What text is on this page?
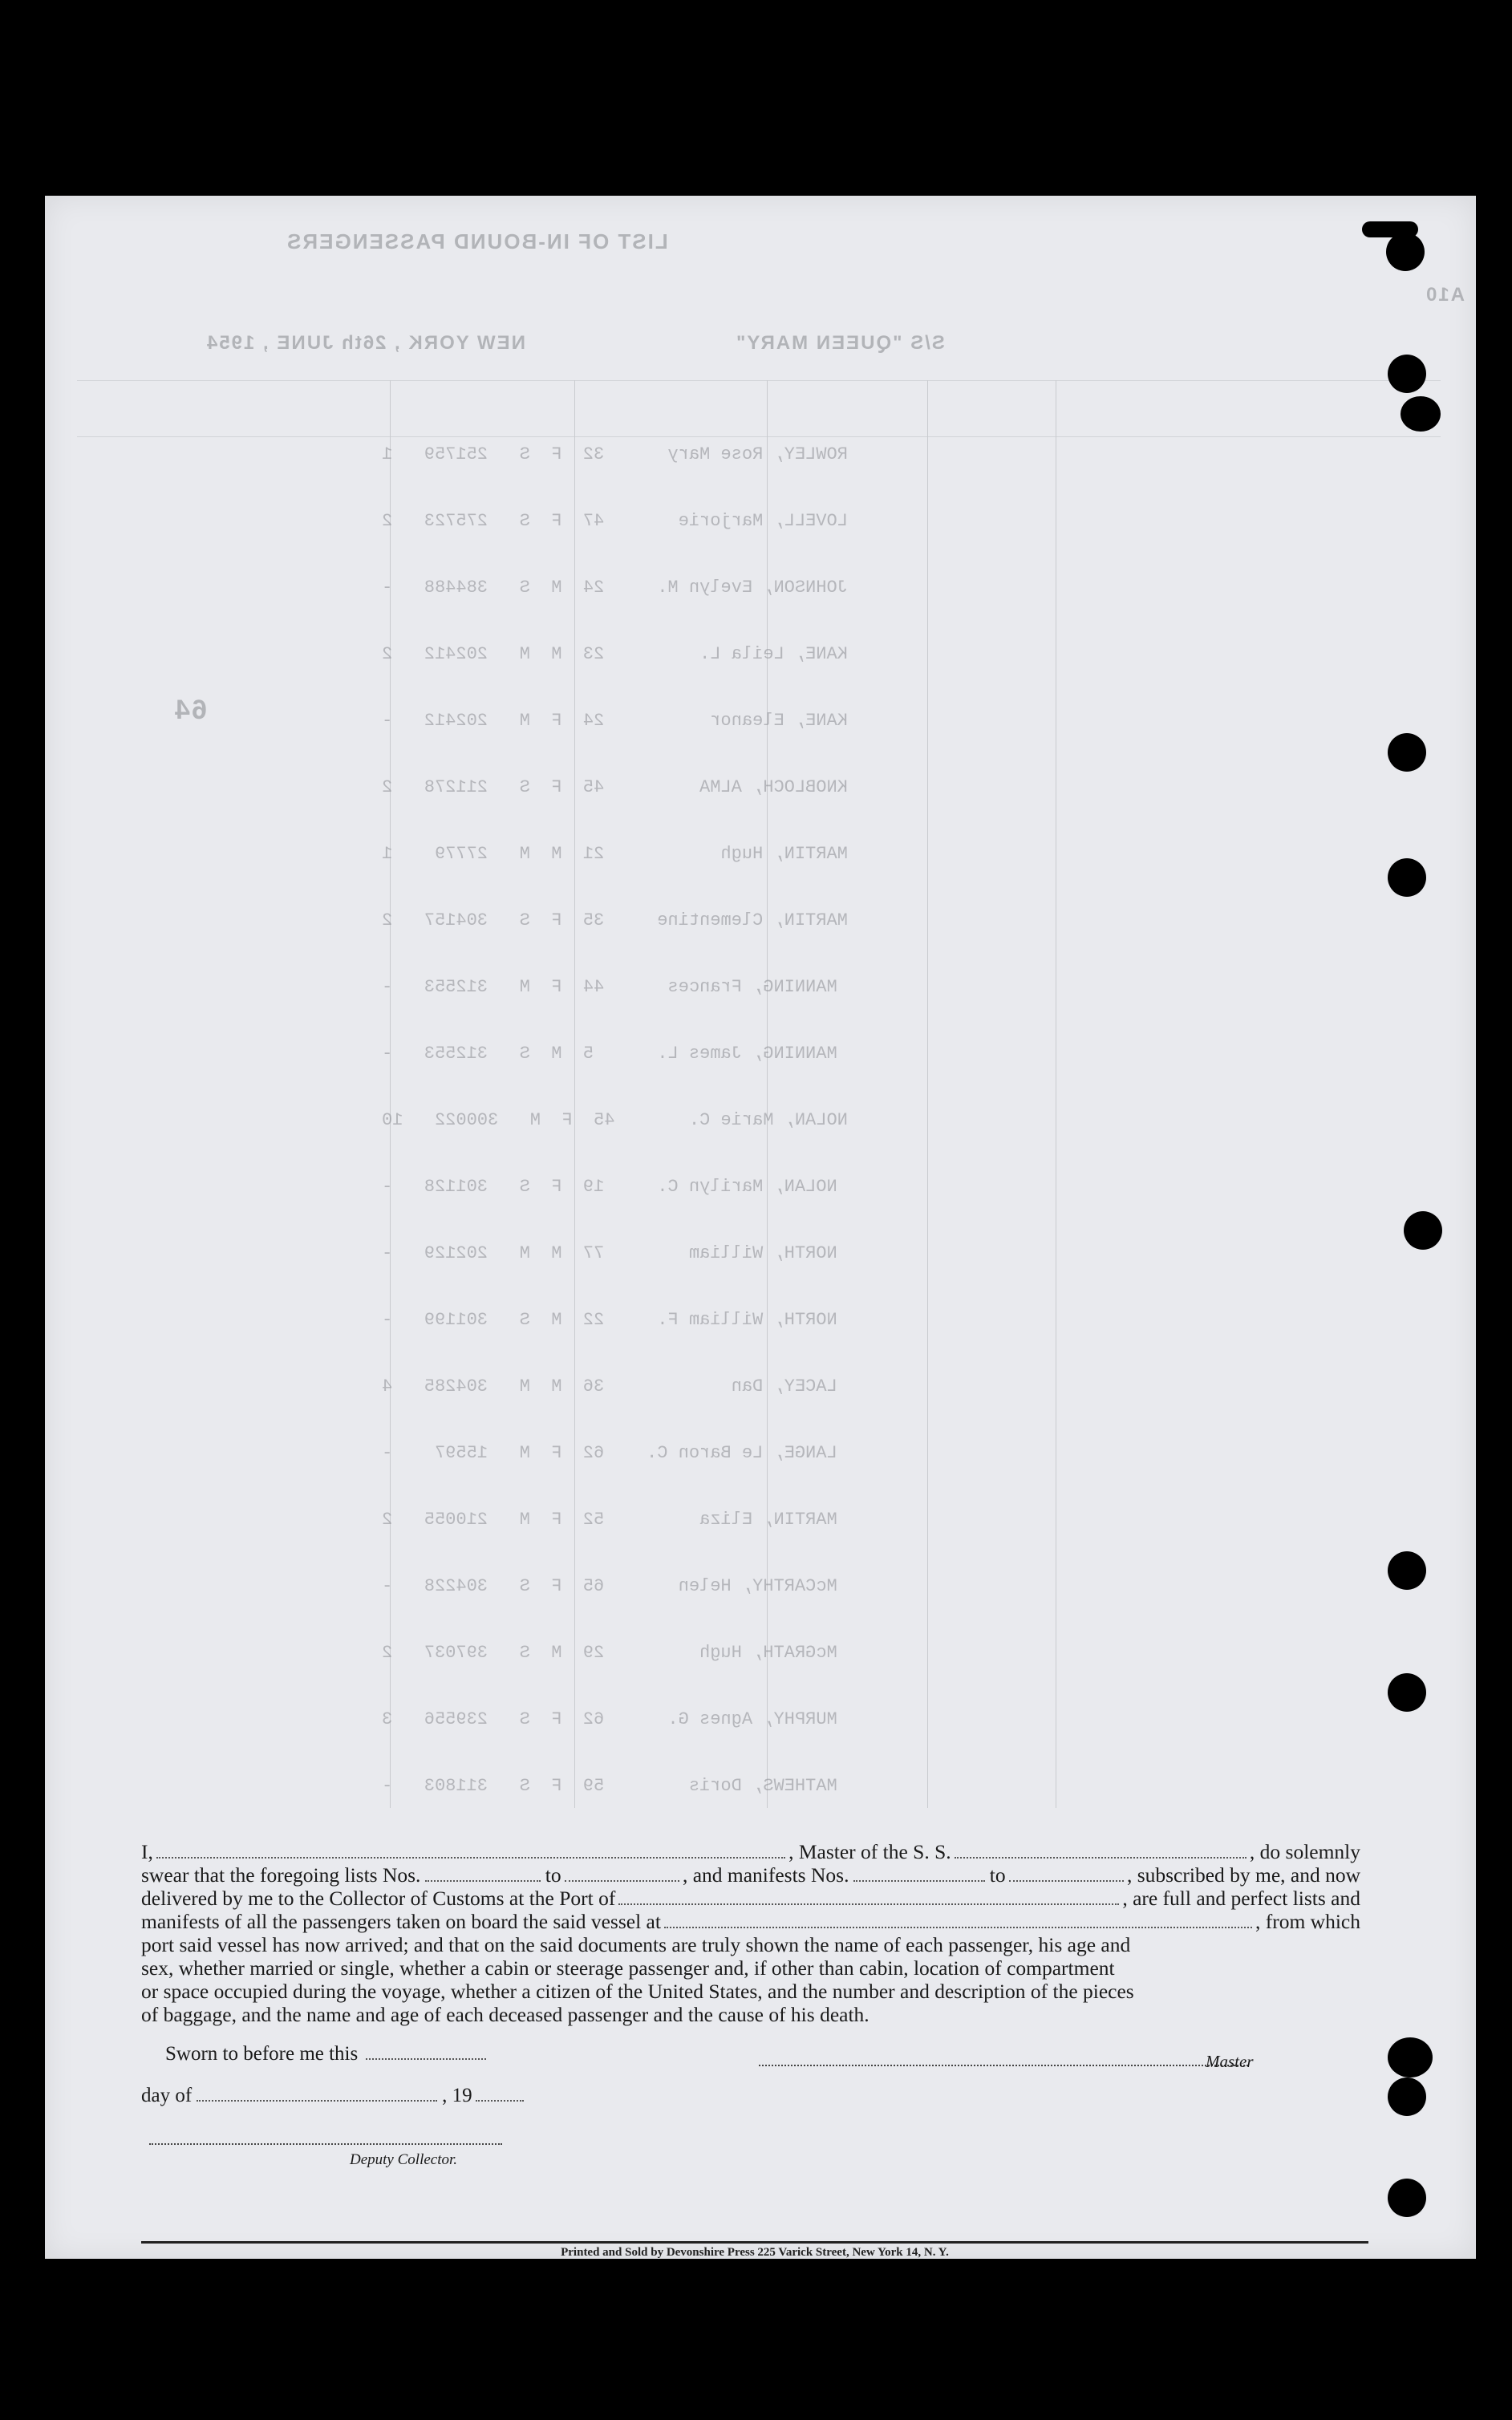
LIST OF IN-BOUND PASSENGERS
S/S "QUEEN MARY"
NEW YORK , 26th JUNE , 1954
A10
64
ROWLEY, Rose Mary      32  F  S   251759   1
LOVELL, Marjorie       47  F  S   275723   2
JOHNSON, Evelyn M.     24  M  S   384488   -
KANE, Leila L.         23  M  M   202412   2
KANE, Eleanor          24  F  M   202412   -
KNOBLOCH, ALMA         45  F  S   211278   2
MARTIN, Hugh           21  M  M   27779    1
MARTIN, Clementine     35  F  S   304157   2
MANNING, Frances      44  F  M   312553   -
MANNING, James L.      5  M  S   312553   -
NOLAN, Marie C.       45  F  M   300022   10
NOLAN, Marilyn C.     19  F  S   301128   -
NORTH, William        77  M  M   202129   -
NORTH, William F.     22  M  S   301199   -
LACEY, Dan            36  M  M   304285   4
LANGE, Le Baron C.    62  F  M   15597    -
MARTIN, Eliza         52  F  M   210055   2
McCARTHY, Helen       65  F  S   304228   -
McGRATH, Hugh         29  M  S   397037   2
MURPHY, Agnes G.      62  F  S   239556   3
MATHEWS, Doris        59  F  S   311803   -

I,	, Master of the S. S.	, do solemnly

swear that the foregoing lists Nos.	to	, and manifests Nos.	to	, subscribed by me, and now

delivered by me to the Collector of Customs at the Port of	, are full and perfect lists and

manifests of all the passengers taken on board the said vessel at	, from which

port said vessel has now arrived; and that on the said documents are truly shown the name of each passenger, his age and

sex, whether married or single, whether a cabin or steerage passenger and, if other than cabin, location of compartment

or space occupied during the voyage, whether a citizen of the United States, and the number and description of the pieces

of baggage, and the name and age of each deceased passenger and the cause of his death.

Sworn to before me this
day of	, 19
Deputy Collector.
Master
Printed and Sold by Devonshire Press 225 Varick Street, New York 14, N. Y.
